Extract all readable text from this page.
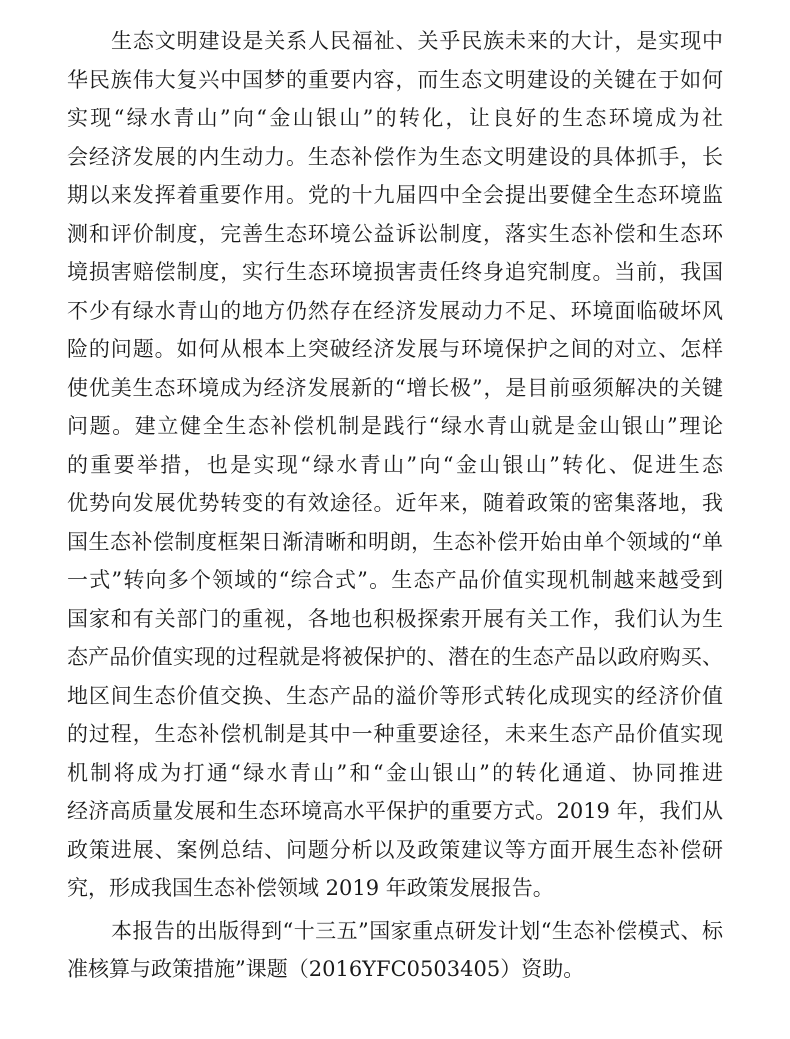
生态文明建设是关系人民福祉、关乎民族未来的大计，是实现中
华民族伟大复兴中国梦的重要内容，而生态文明建设的关键在于如何
实现“绿水青山”向“金山银山”的转化，让良好的生态环境成为社
会经济发展的内生动力。生态补偿作为生态文明建设的具体抓手，长
期以来发挥着重要作用。党的十九届四中全会提出要健全生态环境监
测和评价制度，完善生态环境公益诉讼制度，落实生态补偿和生态环
境损害赔偿制度，实行生态环境损害责任终身追究制度。当前，我国
不少有绿水青山的地方仍然存在经济发展动力不足、环境面临破坏风
险的问题。如何从根本上突破经济发展与环境保护之间的对立、怎样
使优美生态环境成为经济发展新的“增长极”，是目前亟须解决的关键
问题。建立健全生态补偿机制是践行“绿水青山就是金山银山”理论
的重要举措，也是实现“绿水青山”向“金山银山”转化、促进生态
优势向发展优势转变的有效途径。近年来，随着政策的密集落地，我
国生态补偿制度框架日渐清晰和明朗，生态补偿开始由单个领域的“单
一式”转向多个领域的“综合式”。生态产品价值实现机制越来越受到
国家和有关部门的重视，各地也积极探索开展有关工作，我们认为生
态产品价值实现的过程就是将被保护的、潜在的生态产品以政府购买、
地区间生态价值交换、生态产品的溢价等形式转化成现实的经济价值
的过程，生态补偿机制是其中一种重要途径，未来生态产品价值实现
机制将成为打通“绿水青山”和“金山银山”的转化通道、协同推进
经济高质量发展和生态环境高水平保护的重要方式。2019 年，我们从
政策进展、案例总结、问题分析以及政策建议等方面开展生态补偿研
究，形成我国生态补偿领域 2019 年政策发展报告。

本报告的出版得到“十三五”国家重点研发计划“生态补偿模式、标
准核算与政策措施”课题（2016YFC0503405）资助。
